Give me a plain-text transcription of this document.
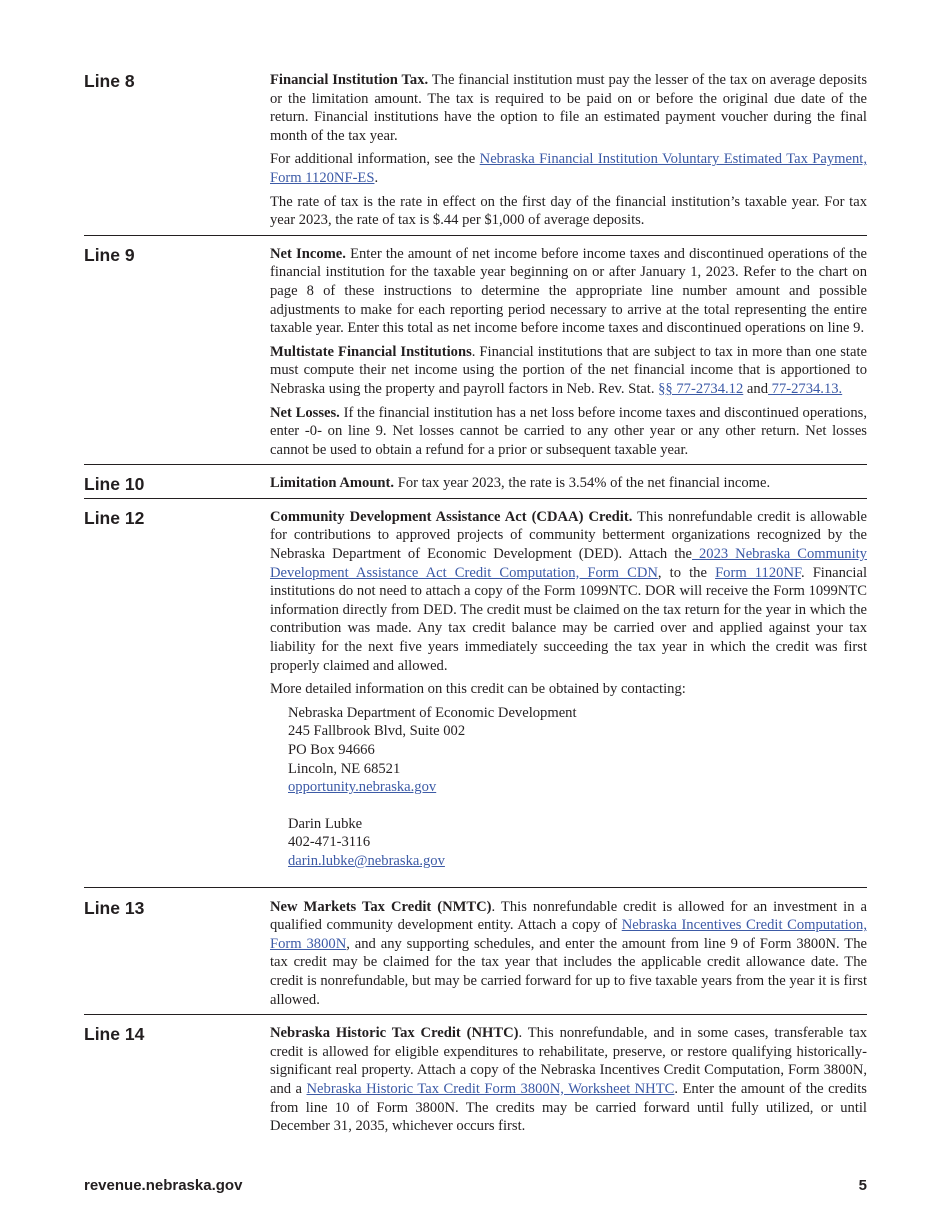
Line 8	Financial Institution Tax. The financial institution must pay the lesser of the tax on average deposits or the limitation amount. The tax is required to be paid on or before the original due date of the return. Financial institutions have the option to file an estimated payment voucher during the final month of the tax year.

For additional information, see the Nebraska Financial Institution Voluntary Estimated Tax Payment, Form 1120NF-ES.

The rate of tax is the rate in effect on the first day of the financial institution’s taxable year. For tax year 2023, the rate of tax is $.44 per $1,000 of average deposits.

Line 9	Net Income. Enter the amount of net income before income taxes and discontinued operations of the financial institution for the taxable year beginning on or after January 1, 2023. Refer to the chart on page 8 of these instructions to determine the appropriate line number amount and possible adjustments to make for each reporting period necessary to arrive at the total representing the entire taxable year. Enter this total as net income before income taxes and discontinued operations on line 9.

Multistate Financial Institutions. Financial institutions that are subject to tax in more than one state must compute their net income using the portion of the net financial income that is apportioned to Nebraska using the property and payroll factors in Neb. Rev. Stat. §§ 77-2734.12 and 77-2734.13.

Net Losses. If the financial institution has a net loss before income taxes and discontinued operations, enter -0- on line 9. Net losses cannot be carried to any other year or any other return. Net losses cannot be used to obtain a refund for a prior or subsequent taxable year.

Line 10	Limitation Amount. For tax year 2023, the rate is 3.54% of the net financial income.

Line 12	Community Development Assistance Act (CDAA) Credit. This nonrefundable credit is allowable for contributions to approved projects of community betterment organizations recognized by the Nebraska Department of Economic Development (DED). Attach the 2023 Nebraska Community Development Assistance Act Credit Computation, Form CDN, to the Form 1120NF. Financial institutions do not need to attach a copy of the Form 1099NTC. DOR will receive the Form 1099NTC information directly from DED. The credit must be claimed on the tax return for the year in which the contribution was made. Any tax credit balance may be carried over and applied against your tax liability for the next five years immediately succeeding the tax year in which the credit was first properly claimed and allowed.

More detailed information on this credit can be obtained by contacting:

Nebraska Department of Economic Development
245 Fallbrook Blvd, Suite 002
PO Box 94666
Lincoln, NE 68521
opportunity.nebraska.gov
Darin Lubke
402-471-3116
darin.lubke@nebraska.gov
Line 13	New Markets Tax Credit (NMTC). This nonrefundable credit is allowed for an investment in a qualified community development entity. Attach a copy of Nebraska Incentives Credit Computation, Form 3800N, and any supporting schedules, and enter the amount from line 9 of Form 3800N. The tax credit may be claimed for the tax year that includes the applicable credit allowance date. The credit is nonrefundable, but may be carried forward for up to five taxable years from the year it is first allowed.

Line 14	Nebraska Historic Tax Credit (NHTC). This nonrefundable, and in some cases, transferable tax credit is allowed for eligible expenditures to rehabilitate, preserve, or restore qualifying historically-significant real property. Attach a copy of the Nebraska Incentives Credit Computation, Form 3800N, and a Nebraska Historic Tax Credit Form 3800N, Worksheet NHTC. Enter the amount of the credits from line 10 of Form 3800N. The credits may be carried forward until fully utilized, or until December 31, 2035, whichever occurs first.

revenue.nebraska.gov	5
